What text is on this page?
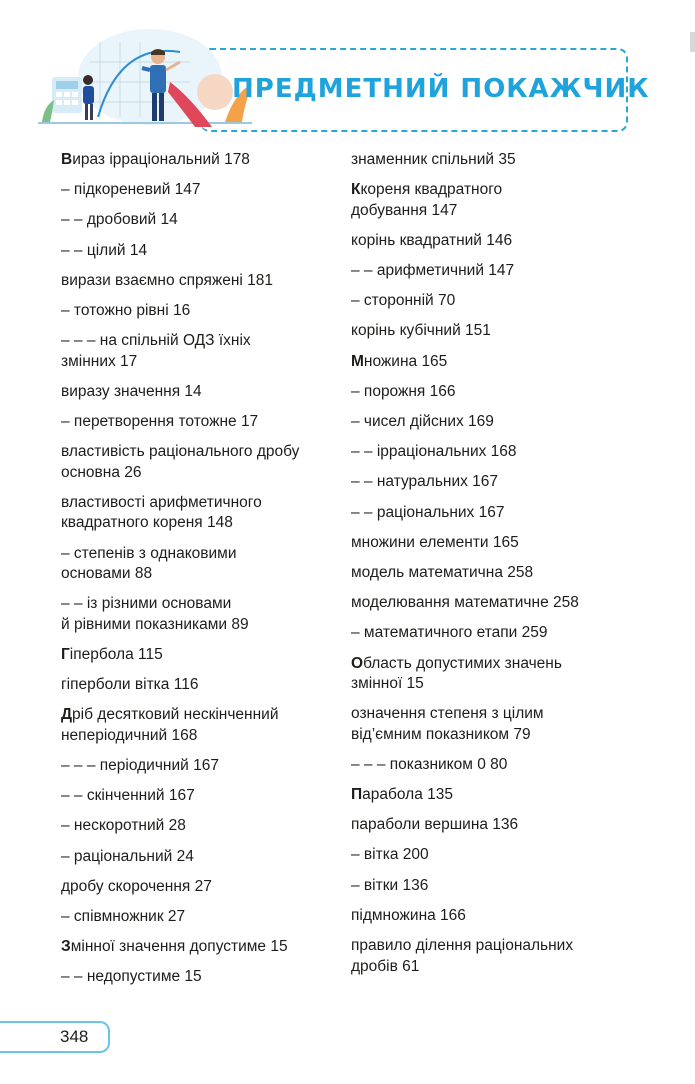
ПРЕДМЕТНИЙ ПОКАЖЧИК
Вираз ірраціональний 178
– підкореневий 147
– – дробовий 14
– – цілий 14
вирази взаємно спряжені 181
– тотожно рівні 16
– – – на спільній ОДЗ їхніх
змінних 17
виразу значення 14
– перетворення тотожне 17
властивість раціонального дробу
основна 26
властивості арифметичного
квадратного кореня 148
– степенів з однаковими
основами 88
– – із різними основами
й рівними показниками 89
Гіпербола 115
гіперболи вітка 116
Дріб десятковий нескінченний
неперіодичний 168
– – – періодичний 167
– – скінченний 167
– нескоротний 28
– раціональний 24
дробу скорочення 27
– співмножник 27
Змінної значення допустиме 15
– – недопустиме 15
знаменник спільний 35
Ккореня квадратного
добування 147
корінь квадратний 146
– – арифметичний 147
– сторонній 70
корінь кубічний 151
Множина 165
– порожня 166
– чисел дійсних 169
– – ірраціональних 168
– – натуральних 167
– – раціональних 167
множини елементи 165
модель математична 258
моделювання математичне 258
– математичного етапи 259
Область допустимих значень
змінної 15
означення степеня з цілим
від’ємним показником 79
– – – показником 0 80
Парабола 135
параболи вершина 136
– вітка 200
– вітки 136
підмножина 166
правило ділення раціональних
дробів 61
348
